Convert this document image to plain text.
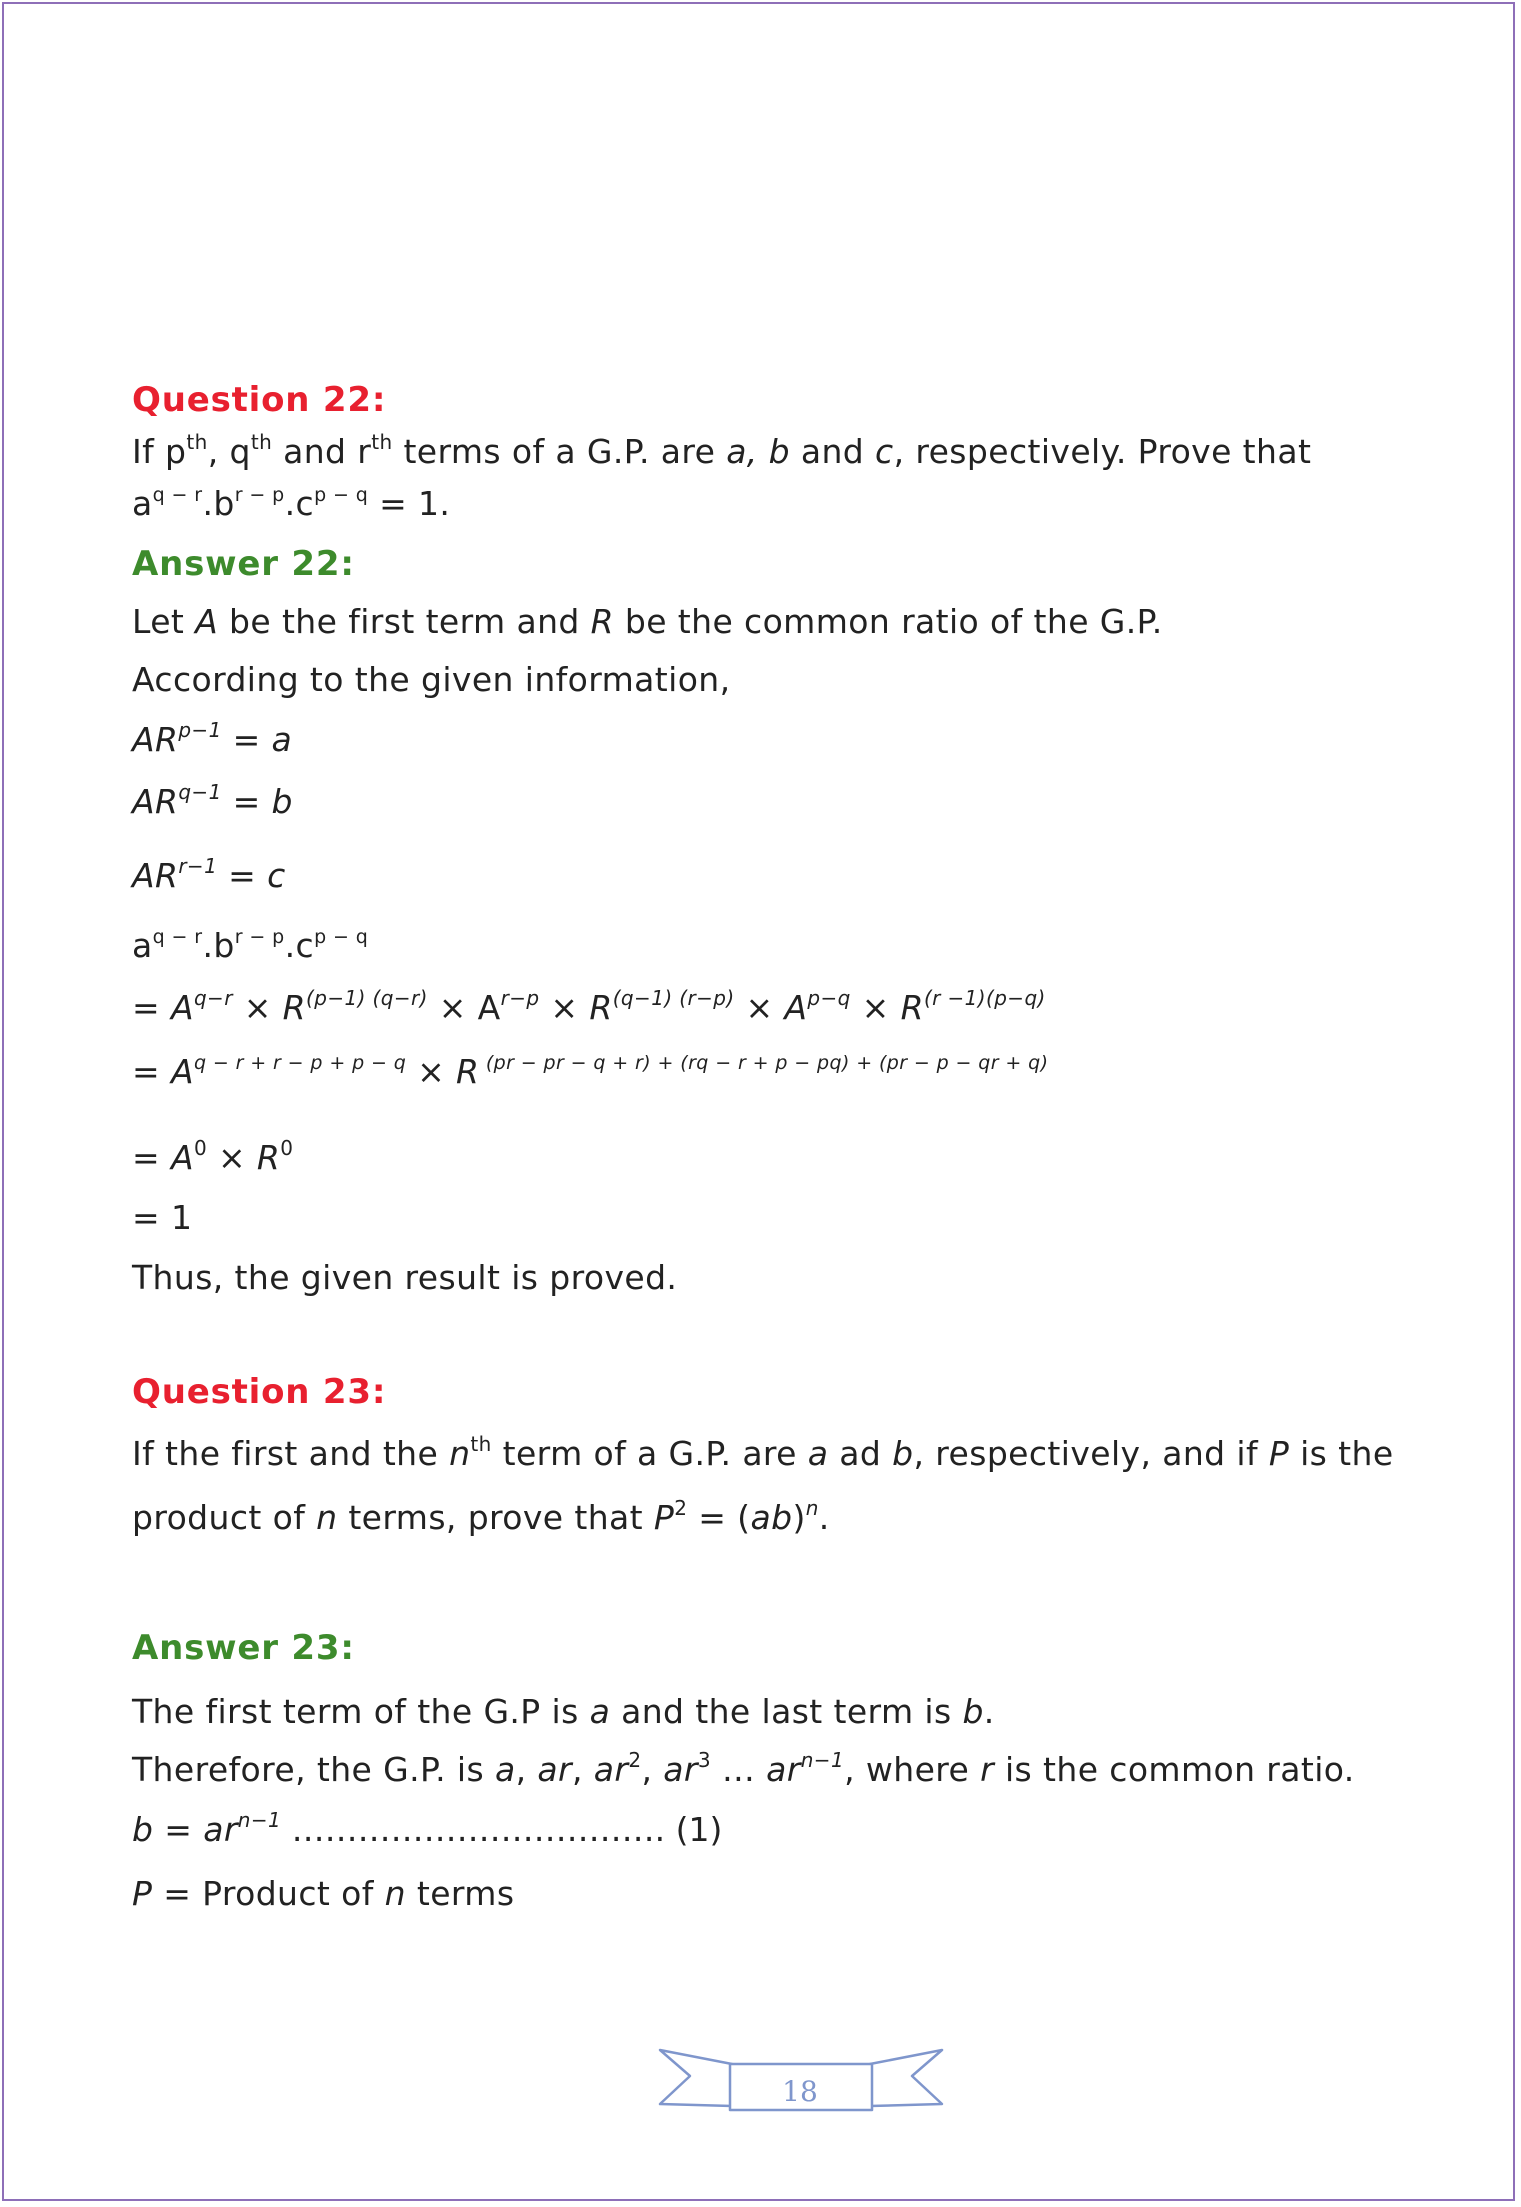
Question 22:
If $p^{th}$, $q^{th}$ and $r^{th}$ terms of a G.P. are a, b and c, respectively. Prove that
$a^{q - r}.b^{r - p}.c^{p - q} = 1$.
Answer 22:
Let A be the first term and R be the common ratio of the G.P.
According to the given information,
$AR^{p-1} = a$
$AR^{q-1} = b$
$AR^{r-1} = c$
$a^{q - r}.b^{r - p}.c^{p - q}$
= $A^{q-r} \times R^{(p-1) (q-r)} \times A^{r-p} \times R^{(q-1) (r-p)} \times A^{p-q} \times R^{(r -1)(p-q)}$
= $A^{q - r + r - p + p - q} \times R$ $^{(pr - pr - q + r) + (rq - r + p - pq) + (pr - p - qr + q)}$
= $A^0 \times R^0$
= 1
Thus, the given result is proved.
Question 23:
If the first and the $n^{th}$ term of a G.P. are a ad b, respectively, and if P is the
product of n terms, prove that $P^2 = (ab)^n$.
Answer 23:
The first term of the G.P is a and the last term is b.
Therefore, the G.P. is a, ar, $ar^2$, $ar^3$ … $ar^{n-1}$, where r is the common ratio.
$b = ar^{n-1}$ ……………………………. (1)
P = Product of n terms
18
